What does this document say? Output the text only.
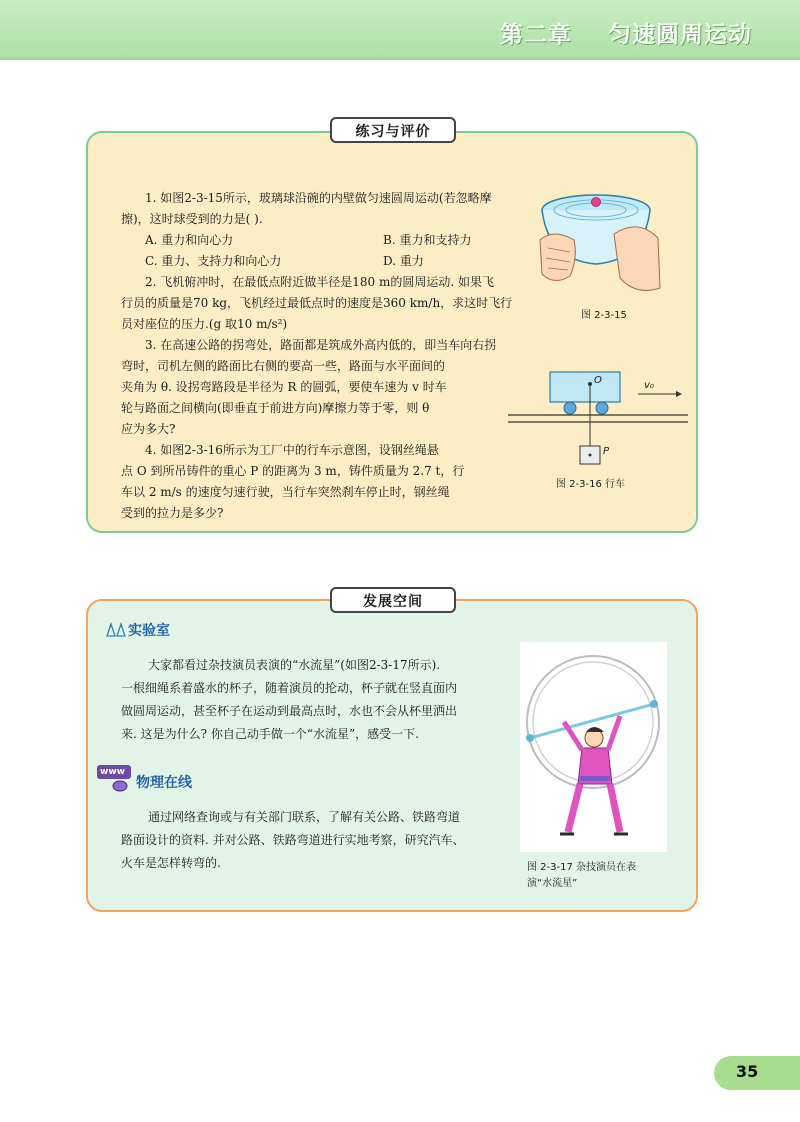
第二章    匀速圆周运动
练习与评价
1. 如图2-3-15所示，玻璃球沿碗的内壁做匀速圆周运动(若忽略摩
擦)，这时球受到的力是( ).
A. 重力和向心力	B. 重力和支持力
C. 重力、支持力和向心力	D. 重力
2. 飞机俯冲时，在最低点附近做半径是180 m的圆周运动. 如果飞
行员的质量是70 kg，飞机经过最低点时的速度是360 km/h，求这时飞行
员对座位的压力.(g 取10 m/s²)
3. 在高速公路的拐弯处，路面都是筑成外高内低的，即当车向右拐
弯时，司机左侧的路面比右侧的要高一些，路面与水平面间的
夹角为 θ. 设拐弯路段是半径为 R 的圆弧，要使车速为 v 时车
轮与路面之间横向(即垂直于前进方向)摩擦力等于零，则 θ
应为多大?
4. 如图2-3-16所示为工厂中的行车示意图，设钢丝绳悬
点 O 到所吊铸件的重心 P 的距离为 3 m，铸件质量为 2.7 t，行
车以 2 m/s 的速度匀速行驶，当行车突然刹车停止时，钢丝绳
受到的拉力是多少?
图 2-3-15
O	v₀
P
图 2-3-16 行车
发展空间
实验室
大家都看过杂技演员表演的“水流星”(如图2-3-17所示).
一根细绳系着盛水的杯子，随着演员的抡动，杯子就在竖直面内
做圆周运动，甚至杯子在运动到最高点时，水也不会从杯里洒出
来. 这是为什么? 你自己动手做一个“水流星”，感受一下.
www
物理在线
通过网络查询或与有关部门联系，了解有关公路、铁路弯道
路面设计的资料. 并对公路、铁路弯道进行实地考察，研究汽车、
火车是怎样转弯的.	图 2-3-17 杂技演员在表
演“水流星”
35
